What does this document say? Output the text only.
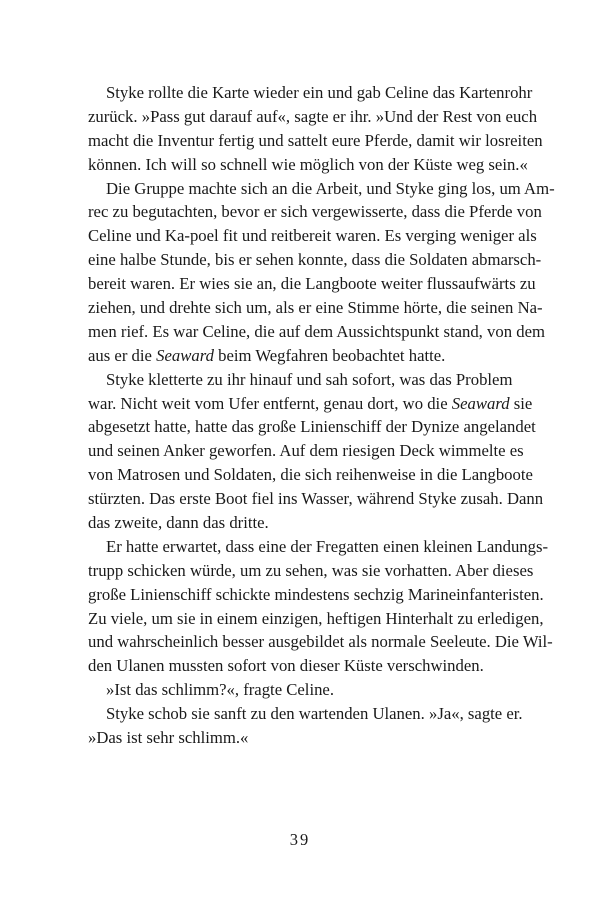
Styke rollte die Karte wieder ein und gab Celine das Kartenrohr
zurück. »Pass gut darauf auf«, sagte er ihr. »Und der Rest von euch
macht die Inventur fertig und sattelt eure Pferde, damit wir losreiten
können. Ich will so schnell wie möglich von der Küste weg sein.«

Die Gruppe machte sich an die Arbeit, und Styke ging los, um Am-
rec zu begutachten, bevor er sich vergewisserte, dass die Pferde von
Celine und Ka-poel fit und reitbereit waren. Es verging weniger als
eine halbe Stunde, bis er sehen konnte, dass die Soldaten abmarsch-
bereit waren. Er wies sie an, die Langboote weiter flussaufwärts zu
ziehen, und drehte sich um, als er eine Stimme hörte, die seinen Na-
men rief. Es war Celine, die auf dem Aussichtspunkt stand, von dem
aus er die Seaward beim Wegfahren beobachtet hatte.

Styke kletterte zu ihr hinauf und sah sofort, was das Problem
war. Nicht weit vom Ufer entfernt, genau dort, wo die Seaward sie
abgesetzt hatte, hatte das große Linienschiff der Dynize angelandet
und seinen Anker geworfen. Auf dem riesigen Deck wimmelte es
von Matrosen und Soldaten, die sich reihenweise in die Langboote
stürzten. Das erste Boot fiel ins Wasser, während Styke zusah. Dann
das zweite, dann das dritte.

Er hatte erwartet, dass eine der Fregatten einen kleinen Landungs-
trupp schicken würde, um zu sehen, was sie vorhatten. Aber dieses
große Linienschiff schickte mindestens sechzig Marineinfanteristen.
Zu viele, um sie in einem einzigen, heftigen Hinterhalt zu erledigen,
und wahrscheinlich besser ausgebildet als normale Seeleute. Die Wil-
den Ulanen mussten sofort von dieser Küste verschwinden.

»Ist das schlimm?«, fragte Celine.

Styke schob sie sanft zu den wartenden Ulanen. »Ja«, sagte er.
»Das ist sehr schlimm.«

39
